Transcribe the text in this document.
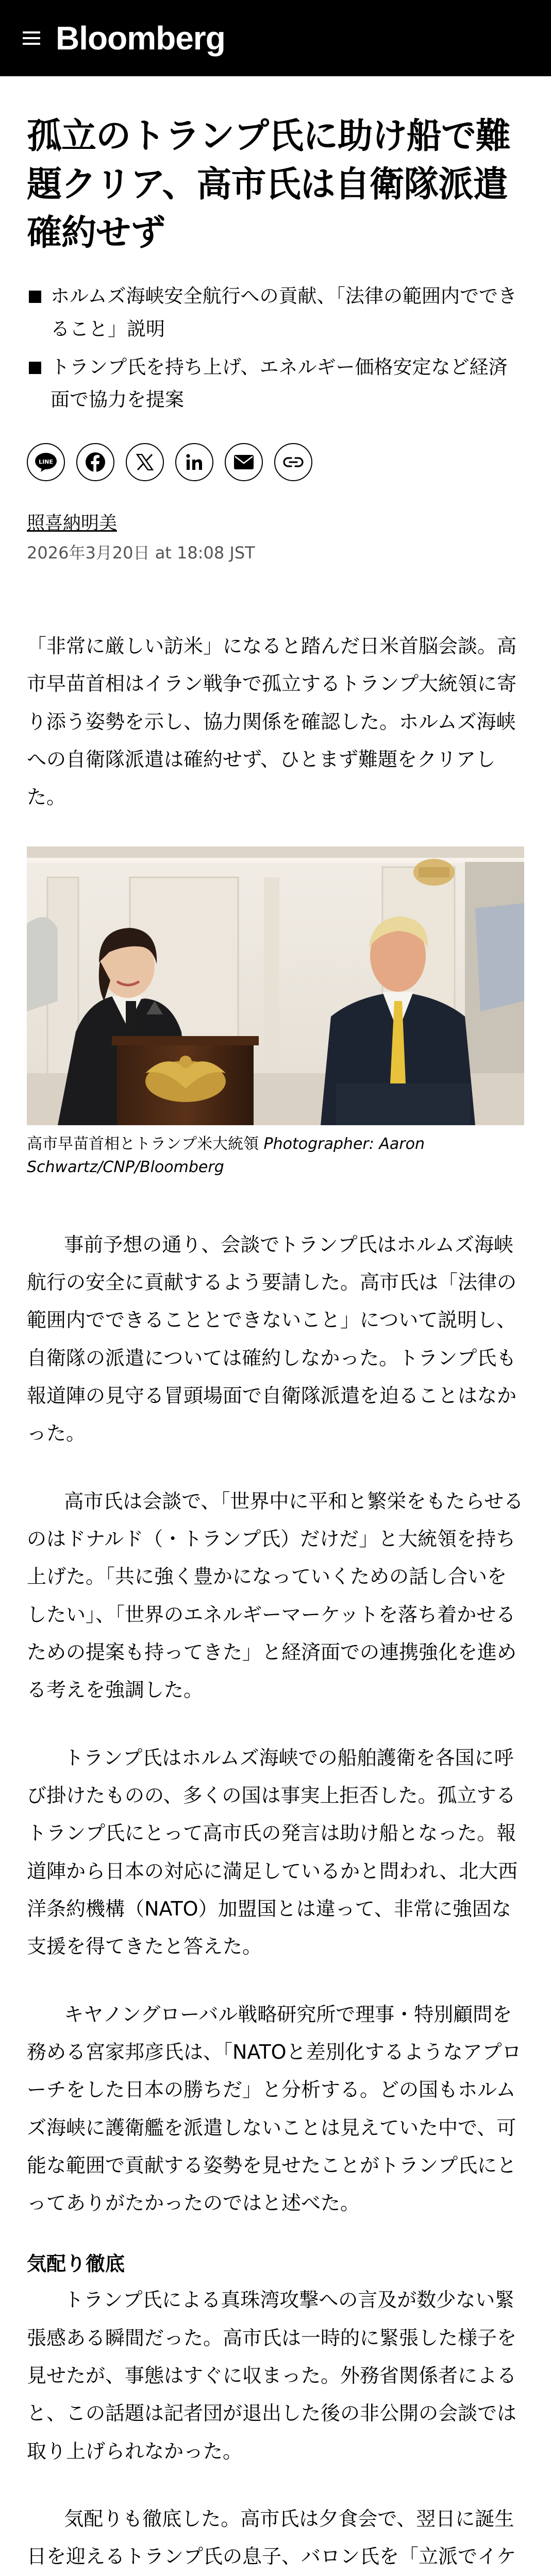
Bloomberg
孤立のトランプ氏に助け船で難題クリア、高市氏は自衛隊派遣確約せず
ホルムズ海峡安全航行への貢献、「法律の範囲内でできること」説明
トランプ氏を持ち上げ、エネルギー価格安定など経済面で協力を提案
LINE
照喜納明美
2026年3月20日 at 18:08 JST

「非常に厳しい訪米」になると踏んだ日米首脳会談。高市早苗首相はイラン戦争で孤立するトランプ大統領に寄り添う姿勢を示し、協力関係を確認した。ホルムズ海峡への自衛隊派遣は確約せず、ひとまず難題をクリアした。

高市早苗首相とトランプ米大統領 Photographer: Aaron Schwartz/CNP/Bloomberg

事前予想の通り、会談でトランプ氏はホルムズ海峡航行の安全に貢献するよう要請した。高市氏は「法律の範囲内でできることとできないこと」について説明し、自衛隊の派遣については確約しなかった。トランプ氏も報道陣の見守る冒頭場面で自衛隊派遣を迫ることはなかった。

高市氏は会談で、「世界中に平和と繁栄をもたらせるのはドナルド（・トランプ氏）だけだ」と大統領を持ち上げた。「共に強く豊かになっていくための話し合いをしたい」、「世界のエネルギーマーケットを落ち着かせるための提案も持ってきた」と経済面での連携強化を進める考えを強調した。

トランプ氏はホルムズ海峡での船舶護衛を各国に呼び掛けたものの、多くの国は事実上拒否した。孤立するトランプ氏にとって高市氏の発言は助け船となった。報道陣から日本の対応に満足しているかと問われ、北大西洋条約機構（NATO）加盟国とは違って、非常に強固な支援を得てきたと答えた。

キヤノングローバル戦略研究所で理事・特別顧問を務める宮家邦彦氏は、「NATOと差別化するようなアプローチをした日本の勝ちだ」と分析する。どの国もホルムズ海峡に護衛艦を派遣しないことは見えていた中で、可能な範囲で貢献する姿勢を見せたことがトランプ氏にとってありがたかったのではと述べた。

気配り徹底

トランプ氏による真珠湾攻撃への言及が数少ない緊張感ある瞬間だった。高市氏は一時的に緊張した様子を見せたが、事態はすぐに収まった。外務省関係者によると、この話題は記者団が退出した後の非公開の会談では取り上げられなかった。

気配りも徹底した。高市氏は夕食会で、翌日に誕生日を迎えるトランプ氏の息子、バロン氏を「立派でイケ
